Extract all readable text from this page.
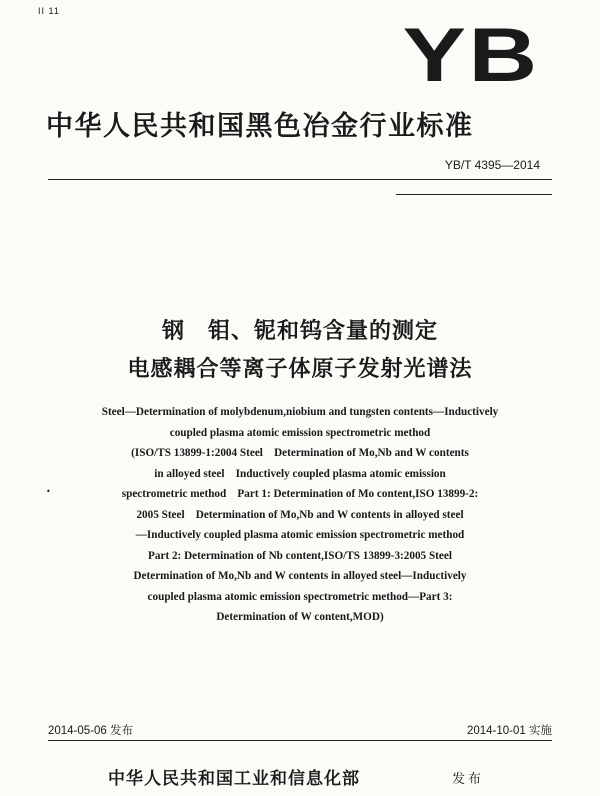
II 11
YB
中华人民共和国黑色冶金行业标准
YB/T 4395—2014
钢　钼、铌和钨含量的测定
电感耦合等离子体原子发射光谱法
Steel—Determination of molybdenum,niobium and tungsten contents—Inductively
coupled plasma atomic emission spectrometric method
(ISO/TS 13899-1:2004 Steel　Determination of Mo,Nb and W contents
in alloyed steel　Inductively coupled plasma atomic emission
spectrometric method　Part 1: Determination of Mo content,ISO 13899-2:
2005 Steel　Determination of Mo,Nb and W contents in alloyed steel
—Inductively coupled plasma atomic emission spectrometric method
Part 2: Determination of Nb content,ISO/TS 13899-3:2005 Steel
Determination of Mo,Nb and W contents in alloyed steel—Inductively
coupled plasma atomic emission spectrometric method—Part 3:
Determination of W content,MOD)
•
2014-05-06 发布	2014-10-01 实施
中华人民共和国工业和信息化部	发布
